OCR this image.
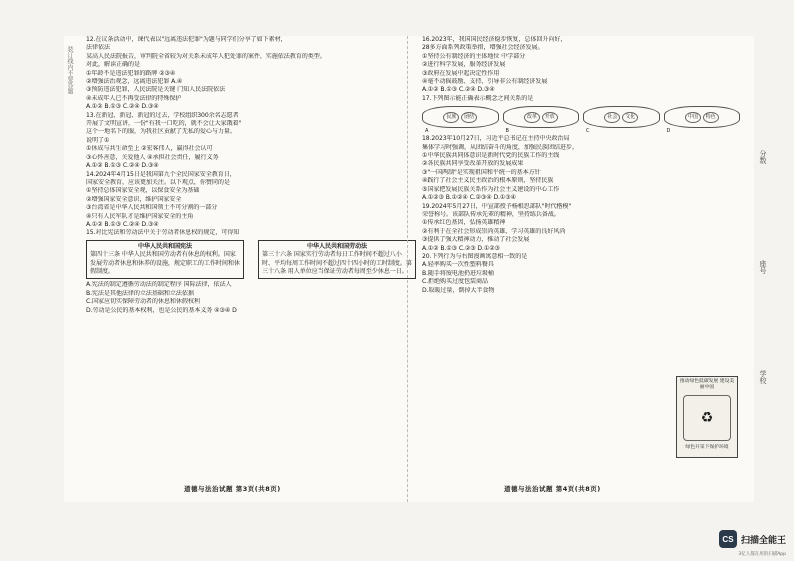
装订线内不要答题
12.在议条活动中，课代表以"远离违法犯罪"为题与同学们分享了如下素材，
法律依法
某高人民法院报告，审判院全省较为对关系未成年人犯处罪的案件，实施依法教育的类型。
对此，解读正确的是
①年龄不是违法犯罪的路牌 ②③④
②增强法治观念，远离违法犯罪 A.④
③预防违法犯罪，人民法院是关键 门知人民法院依法
④未成年人已不再受法律的特殊保护
A.①② B.①③ C.②④ D.③④
13.在新冠、新冠、新冠的过去，学校组织300余名志愿者
开展了文明宣讲，一份"有我一口吃的，就不会让大家饿着"
这个一地名下的服，为我社区贡献了无私的爱心与力量。
说明了①
①休成与共生命至上 ②宏客伟人，赢得社会认可
③心怀善意，关爱他人 ④承担社会责任，履行义务
A.①② B.①③ C.②④ D.③④
14.2024年4月15日是我国第九个全民国家安全教育日，
国家安全教育，应该更加关注。以下观点，你赞同的是
①坚持总体国家安全观，以保食安全为基础
②增强国家安全意识，维护国家安全
③台湾省是中华人民共和国领土不可分割的一部分
④只有人民军队才是维护国家安全的主角
A.①② B.①③ C.②④ D.③④
15.对比宪法和劳动法中关于劳动者休息权的规定，可得知
中华人民共和国宪法
第四十三条 中华人民共和国劳动者有休息的权利。国家发展劳动者休息和休养的设施，规定职工的工作时间和休假制度。
中华人民共和国劳动法
第三十六条 国家实行劳动者每日工作时间不超过八小时、平均每周工作时间不超过四十四小时的工时制度。第三十八条 用人单位应当保证劳动者每周至少休息一日。
A.宪法的制定遵循劳动法的制定程序 国际法律，依法人
B.宪法是其他法律的立法基础和立法依据
C.国家应切实保障劳动者的休息和休假权利
D.劳动是公民的基本权利，也是公民的基本义务 ④③④ D
16.2023年，我国国民经济稳步恢复，总体回升向好，
28多方面系列政策举措，增强社会经济发展。
①坚持公有制经济的主体地位 中学部分
②进行科学发展，服务经济发展
③政府在发展中起决定性作用
④毫不动摇鼓励、支持、引导非公有制经济发展
A.①② B.①③ C.②④ D.③④
17.下列图示能正确表示概念之间关系的是
民族	团结
A
改革	开放
B
社会	文化
C
中国	特色
D
18.2023年10月27日，习近平总书记在主持中央政治局
集体学习时强调，从团结奋斗的角度，加强民族团结进步。
①中华民族共同体意识是新时代党的民族工作的主线
②各民族共同享受改革开放的发展成果
③"一国两制"是实现祖国和平统一的基本方针
④践行了社会主义民主政治的根本原则，坚持民族
⑤国家把发展民族关系作为社会主义建设的中心工作
A.①②③ B.①②④ C.②③④ D.①③④
19.2024年5月27日，中宣部授予杨根思部队"时代楷模"
荣誉称号。该部队传承先辈的精神，坚持练兵备战。
①传承红色基因，弘扬英雄精神
②有利于在全社会形成崇尚英雄、学习英雄的良好风尚
③提供了强大精神动力，推动了社会发展
A.①② B.①③ C.②③ D.①②③
20.下列行为与右图漫画寓意相一致的是
A.轻率购买一次性塑料餐具
B.随手将废电池扔进垃圾桶
C.拒绝购买过度包装商品
D.取暖过量，倒掉大半食物
道德与法治试题 第3页(共8页)	道德与法治试题 第4页(共8页)
推动绿色低碳发展 建设美丽中国
♻
绿色开采下保护环境
分数
座号
学校
CS 扫描全能王
3亿人都在用的扫描App
